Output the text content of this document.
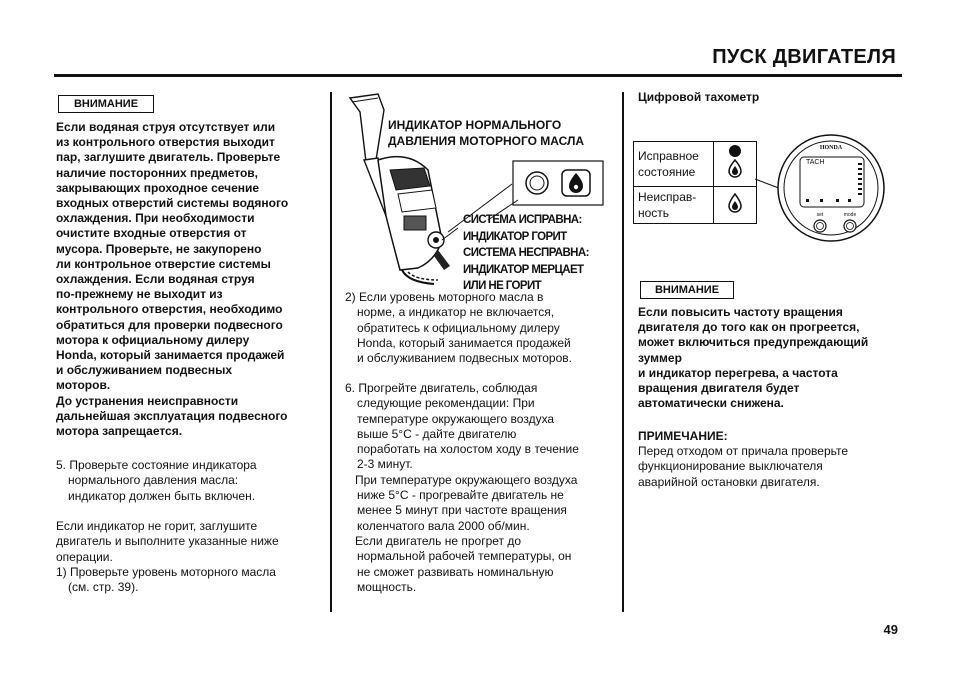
ПУСК ДВИГАТЕЛЯ
ВНИМАНИЕ
Если водяная струя отсутствует или
из контрольного отверстия выходит
пар, заглушите двигатель. Проверьте
наличие посторонних предметов,
закрывающих проходное сечение
входных отверстий системы водяного
охлаждения. При необходимости
очистите входные отверстия от
мусора. Проверьте, не закупорено
ли контрольное отверстие системы
охлаждения. Если водяная струя
по-прежнему не выходит из
контрольного отверстия, необходимо
обратиться для проверки подвесного
мотора к официальному дилеру
Honda, который занимается продажей
и обслуживанием подвесных
моторов.
До устранения неисправности
дальнейшая эксплуатация подвесного
мотора запрещается.
5. Проверьте состояние индикатора
нормального давления масла:
индикатор должен быть включен.
Если индикатор не горит, заглушите
двигатель и выполните указанные ниже
операции.
1) Проверьте уровень моторного масла
(см. стр. 39).
ИНДИКАТОР НОРМАЛЬНОГО
ДАВЛЕНИЯ МОТОРНОГО МАСЛА
СИСТЕМА ИСПРАВНА:
ИНДИКАТОР ГОРИТ
СИСТЕМА НЕСПРАВНА:
ИНДИКАТОР МЕРЦАЕТ
ИЛИ НЕ ГОРИТ
2) Если уровень моторного масла в
норме, а индикатор не включается,
обратитесь к официальному дилеру
Honda, который занимается продажей
и обслуживанием подвесных моторов.
6. Прогрейте двигатель, соблюдая
следующие рекомендации: При
температуре окружающего воздуха
выше 5°C - дайте двигателю
поработать на холостом ходу в течение
2-3 минут.
При температуре окружающего воздуха
ниже 5°C - прогревайте двигатель не
менее 5 минут при частоте вращения
коленчатого вала 2000 об/мин.
Если двигатель не прогрет до
нормальной рабочей температуры, он
не сможет развивать номинальную
мощность.
Цифровой тахометр
Исправное
состояние

Неисправ-
ность

HONDA
TACH
set	mode
ВНИМАНИЕ
Если повысить частоту вращения
двигателя до того как он прогреется,
может включиться предупреждающий
зуммер
и индикатор перегрева, а частота
вращения двигателя будет
автоматически снижена.
ПРИМЕЧАНИЕ:
Перед отходом от причала проверьте
функционирование выключателя
аварийной остановки двигателя.
49
